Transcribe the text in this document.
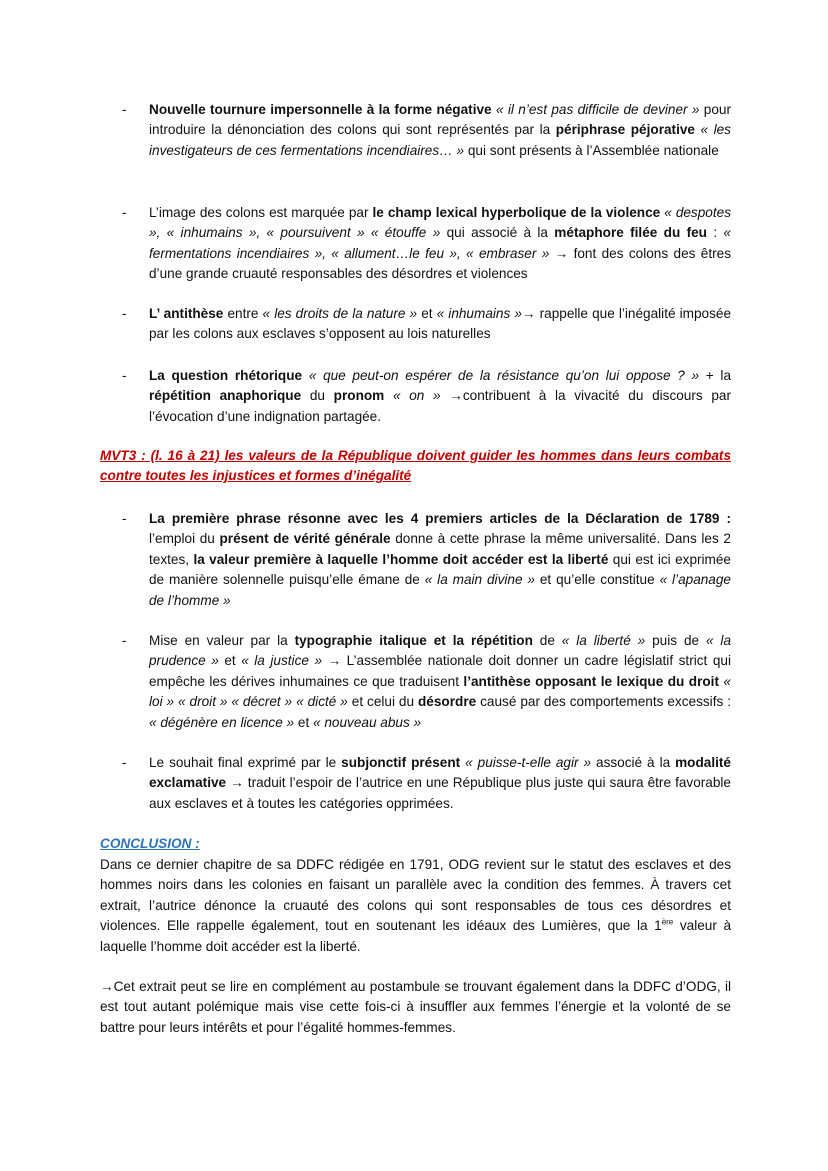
-	Nouvelle tournure impersonnelle à la forme négative « il n’est pas difficile de deviner » pour introduire la dénonciation des colons qui sont représentés par la périphrase péjorative « les investigateurs de ces fermentations incendiaires… » qui sont présents à l’Assemblée nationale
-	L’image des colons est marquée par le champ lexical hyperbolique de la violence « despotes », « inhumains », « poursuivent » « étouffe » qui associé à la métaphore filée du feu : « fermentations incendiaires », « allument…le feu », « embraser » → font des colons des êtres d’une grande cruauté responsables des désordres et violences
-	L’ antithèse entre « les droits de la nature » et « inhumains »→ rappelle que l’inégalité imposée par les colons aux esclaves s’opposent au lois naturelles
-	La question rhétorique « que peut-on espérer de la résistance qu’on lui oppose ? » + la répétition anaphorique du pronom « on » →contribuent à la vivacité du discours par l’évocation d’une indignation partagée.
MVT3 : (l. 16 à 21) les valeurs de la République doivent guider les hommes dans leurs combats contre toutes les injustices et formes d’inégalité
-	La première phrase résonne avec les 4 premiers articles de la Déclaration de 1789 : l’emploi du présent de vérité générale donne à cette phrase la même universalité. Dans les 2 textes, la valeur première à laquelle l’homme doit accéder est la liberté qui est ici exprimée de manière solennelle puisqu’elle émane de « la main divine » et qu’elle constitue « l’apanage de l’homme »
-	Mise en valeur par la typographie italique et la répétition de « la liberté » puis de « la prudence » et « la justice » → L’assemblée nationale doit donner un cadre législatif strict qui empêche les dérives inhumaines ce que traduisent l’antithèse opposant le lexique du droit « loi » « droit » « décret » « dicté » et celui du désordre causé par des comportements excessifs : « dégénère en licence » et « nouveau abus »
-	Le souhait final exprimé par le subjonctif présent « puisse-t-elle agir » associé à la modalité exclamative → traduit l’espoir de l’autrice en une République plus juste qui saura être favorable aux esclaves et à toutes les catégories opprimées.
CONCLUSION :
Dans ce dernier chapitre de sa DDFC rédigée en 1791, ODG revient sur le statut des esclaves et des hommes noirs dans les colonies en faisant un parallèle avec la condition des femmes. À travers cet extrait, l’autrice dénonce la cruauté des colons qui sont responsables de tous ces désordres et violences. Elle rappelle également, tout en soutenant les idéaux des Lumières, que la 1ère valeur à laquelle l’homme doit accéder est la liberté.
→Cet extrait peut se lire en complément au postambule se trouvant également dans la DDFC d’ODG, il est tout autant polémique mais vise cette fois-ci à insuffler aux femmes l’énergie et la volonté de se battre pour leurs intérêts et pour l’égalité hommes-femmes.
